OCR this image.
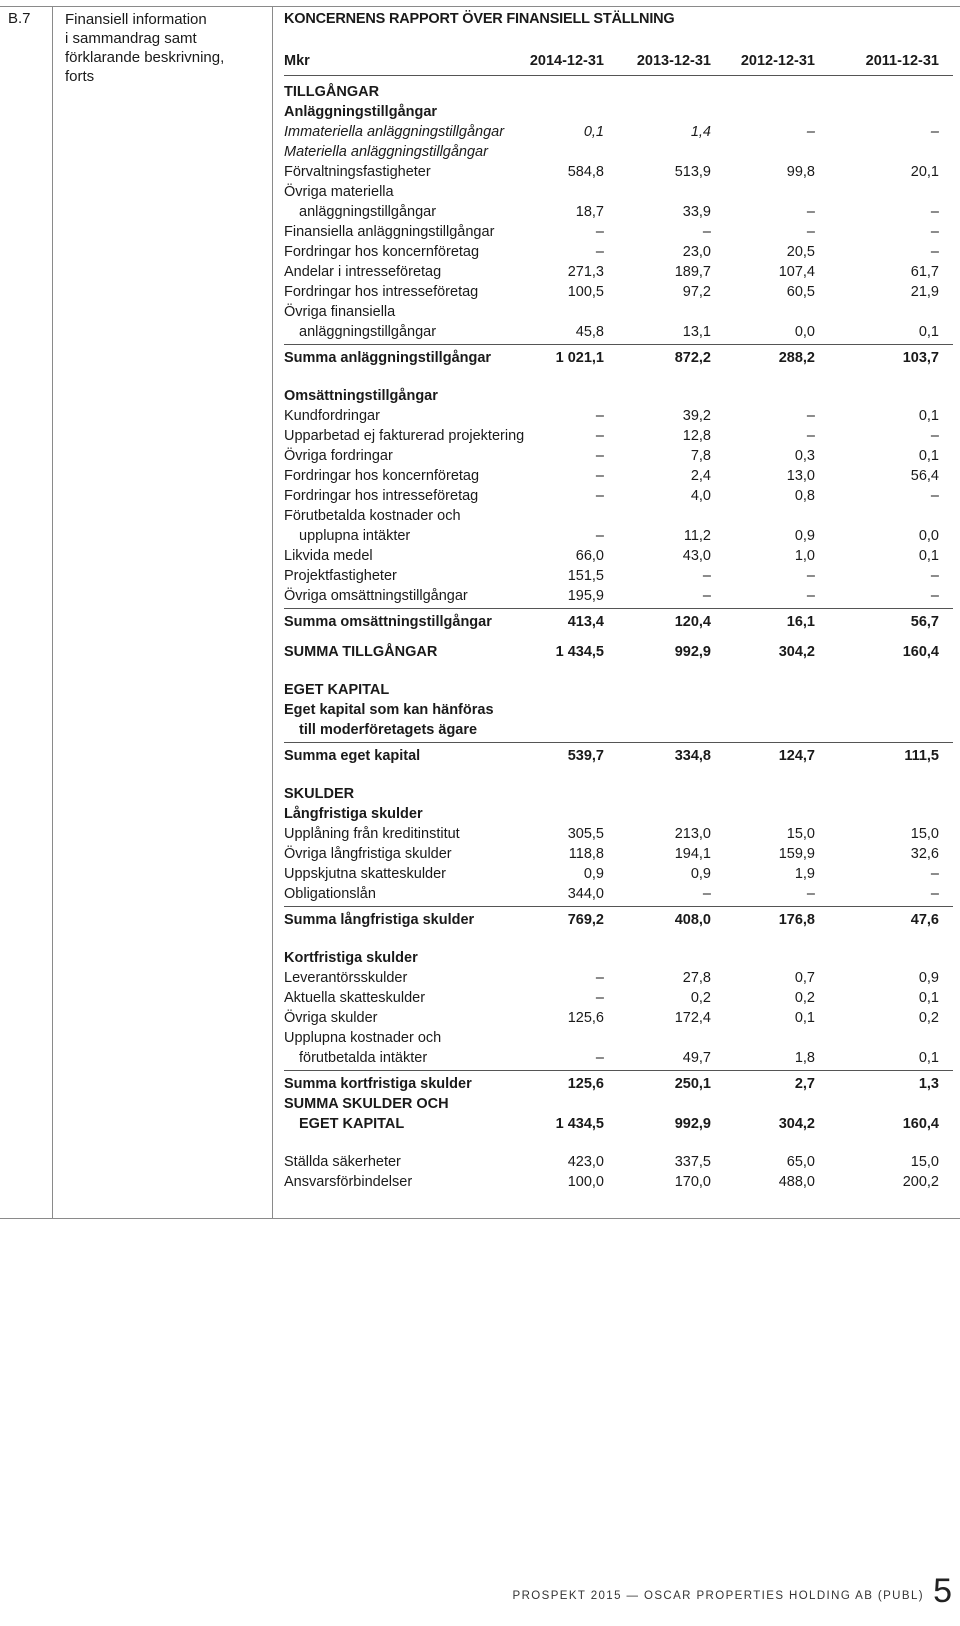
B.7 Finansiell information
i sammandrag samt
förklarande beskrivning,
forts
KONCERNENS RAPPORT ÖVER FINANSIELL STÄLLNING
Mkr	2014-12-31 2013-12-31 2012-12-31	2011-12-31
TILLGÅNGAR
Anläggningstillgångar
Immateriella anläggningstillgångar	0,1	1,4	–	–
Materiella anläggningstillgångar
Förvaltningsfastigheter	584,8	513,9	99,8	20,1
Övriga materiella
anläggningstillgångar	18,7	33,9	–	–
Finansiella anläggningstillgångar	–	–	–	–
Fordringar hos koncernföretag	–	23,0	20,5	–
Andelar i intresseföretag	271,3	189,7	107,4	61,7
Fordringar hos intresseföretag	100,5	97,2	60,5	21,9
Övriga finansiella
anläggningstillgångar	45,8	13,1	0,0	0,1
Summa anläggningstillgångar	1 021,1	872,2	288,2	103,7
Omsättningstillgångar
Kundfordringar	–	39,2	–	0,1
Upparbetad ej fakturerad projektering	–	12,8	–	–
Övriga fordringar	–	7,8	0,3	0,1
Fordringar hos koncernföretag	–	2,4	13,0	56,4
Fordringar hos intresseföretag	–	4,0	0,8	–
Förutbetalda kostnader och
upplupna intäkter	–	11,2	0,9	0,0
Likvida medel	66,0	43,0	1,0	0,1
Projektfastigheter	151,5	–	–	–
Övriga omsättningstillgångar	195,9	–	–	–
Summa omsättningstillgångar	413,4	120,4	16,1	56,7
SUMMA TILLGÅNGAR	1 434,5	992,9	304,2	160,4
EGET KAPITAL
Eget kapital som kan hänföras
till moderföretagets ägare
Summa eget kapital	539,7	334,8	124,7	111,5
SKULDER
Långfristiga skulder
Upplåning från kreditinstitut	305,5	213,0	15,0	15,0
Övriga långfristiga skulder	118,8	194,1	159,9	32,6
Uppskjutna skatteskulder	0,9	0,9	1,9	–
Obligationslån	344,0	–	–	–
Summa långfristiga skulder	769,2	408,0	176,8	47,6
Kortfristiga skulder
Leverantörsskulder	–	27,8	0,7	0,9
Aktuella skatteskulder	–	0,2	0,2	0,1
Övriga skulder	125,6	172,4	0,1	0,2
Upplupna kostnader och
förutbetalda intäkter	–	49,7	1,8	0,1
Summa kortfristiga skulder	125,6	250,1	2,7	1,3
SUMMA SKULDER OCH
EGET KAPITAL	1 434,5	992,9	304,2	160,4
Ställda säkerheter	423,0	337,5	65,0	15,0
Ansvarsförbindelser	100,0	170,0	488,0	200,2
PROSPEKT 2015 — OSCAR PROPERTIES HOLDING AB (PUBL) 5
